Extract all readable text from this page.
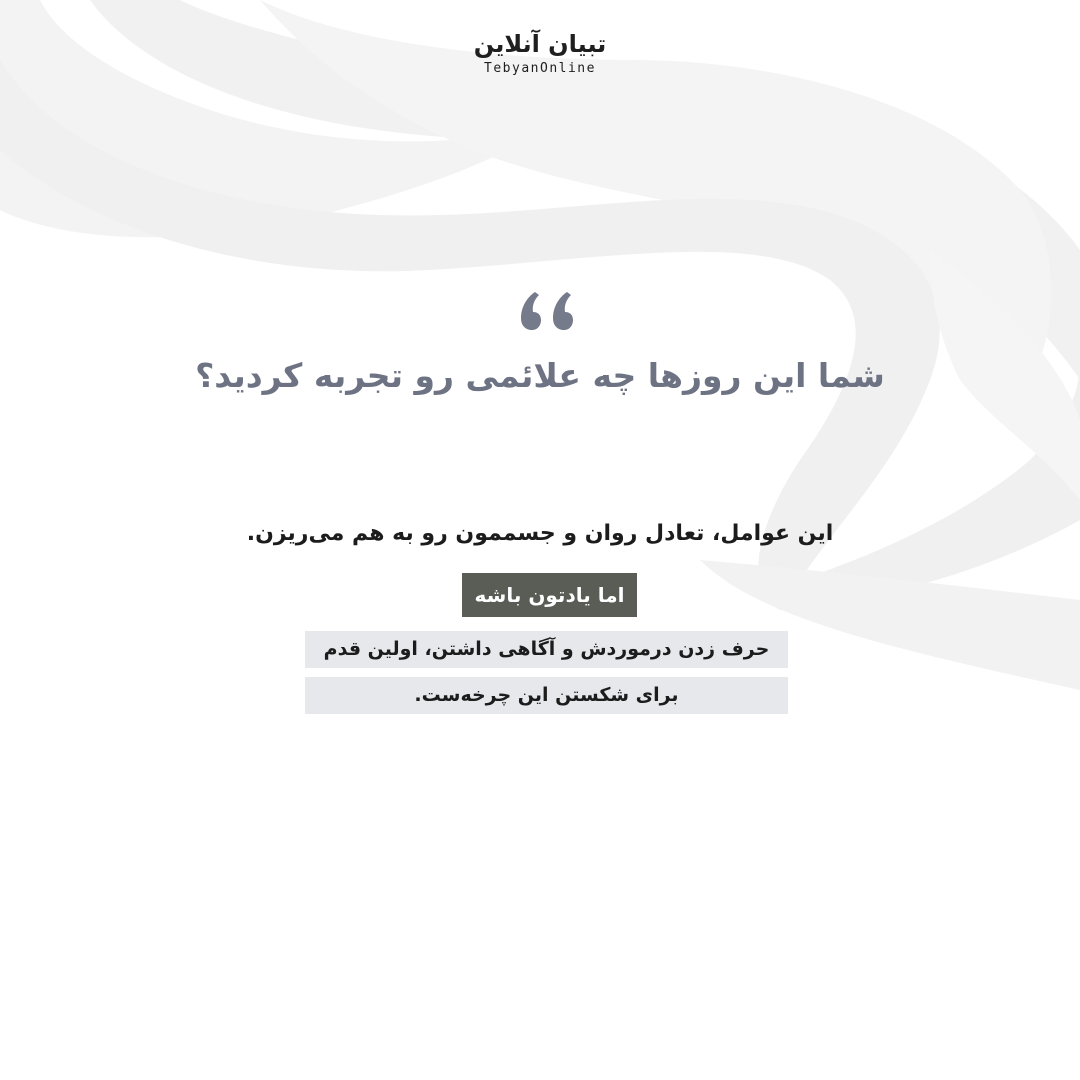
تبیان آنلاین
TebyanOnline
شما این روزها چه علائمی رو تجربه کردید؟
این عوامل، تعادل روان و جسممون رو به هم می‌ریزن.
اما یادتون باشه
حرف زدن درموردش و آگاهی داشتن، اولین قدم
برای شکستن این چرخه‌ست.
